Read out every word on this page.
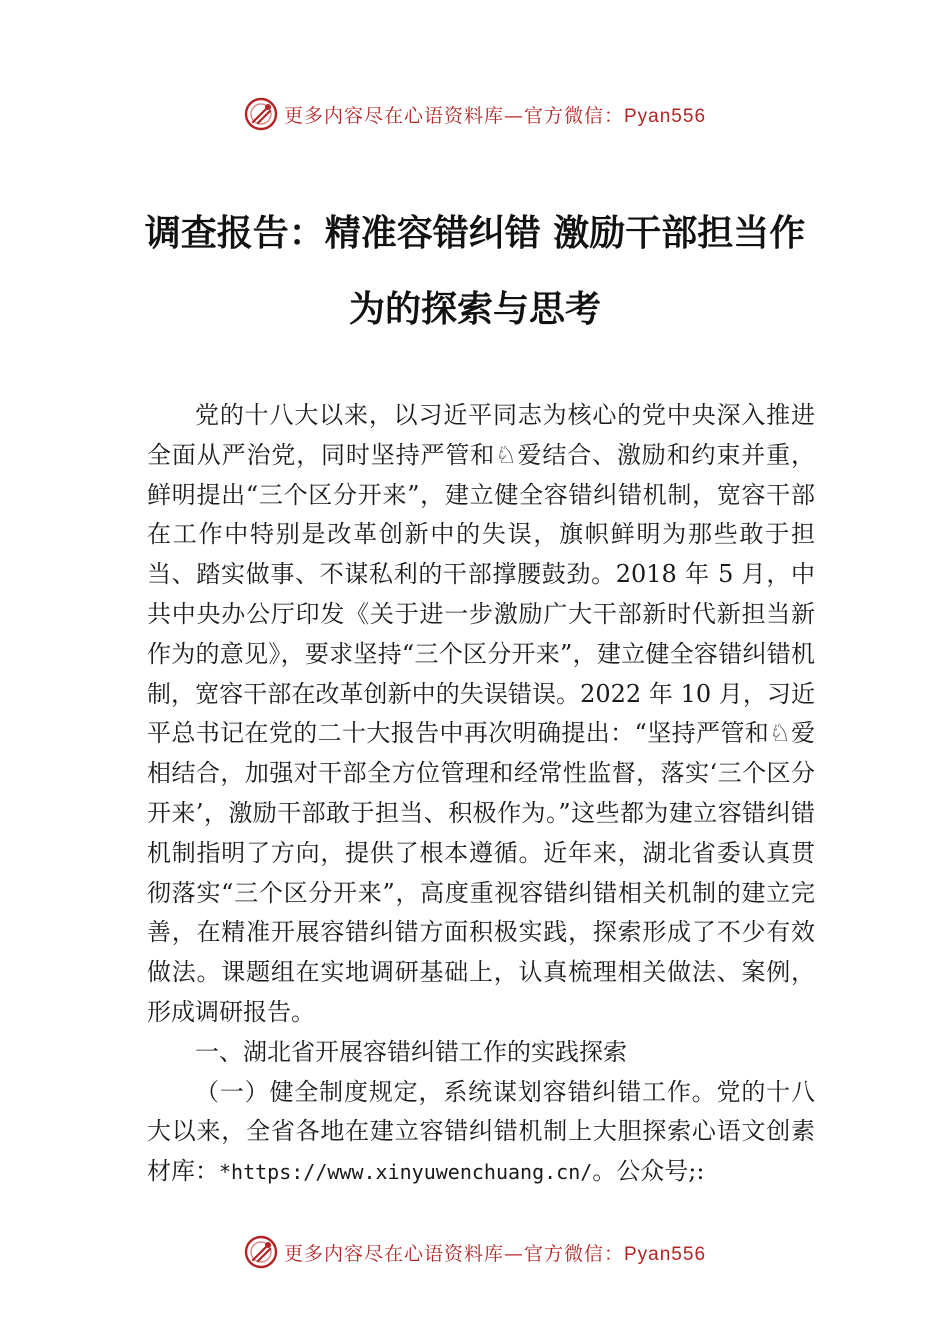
更多内容尽在心语资料库—官方微信：Pyan556
调查报告：精准容错纠错 激励干部担当作
为的探索与思考

党的十八大以来，以习近平同志为核心的党中央深入推进全面从严治党，同时坚持严管和♘爱结合、激励和约束并重，鲜明提出“三个区分开来”，建立健全容错纠错机制，宽容干部在工作中特别是改革创新中的失误，旗帜鲜明为那些敢于担当、踏实做事、不谋私利的干部撑腰鼓劲。2018 年 5 月，中共中央办公厅印发《关于进一步激励广大干部新时代新担当新作为的意见》，要求坚持“三个区分开来”，建立健全容错纠错机制，宽容干部在改革创新中的失误错误。2022 年 10 月，习近平总书记在党的二十大报告中再次明确提出：“坚持严管和♘爱相结合，加强对干部全方位管理和经常性监督，落实‘三个区分开来’，激励干部敢于担当、积极作为。”这些都为建立容错纠错机制指明了方向，提供了根本遵循。近年来，湖北省委认真贯彻落实“三个区分开来”，高度重视容错纠错相关机制的建立完善，在精准开展容错纠错方面积极实践，探索形成了不少有效做法。课题组在实地调研基础上，认真梳理相关做法、案例，形成调研报告。

一、湖北省开展容错纠错工作的实践探索

（一）健全制度规定，系统谋划容错纠错工作。党的十八大以来，全省各地在建立容错纠错机制上大胆探索心语文创素材库：*https://www.xinyuwenchuang.cn/。公众号;:

更多内容尽在心语资料库—官方微信：Pyan556
